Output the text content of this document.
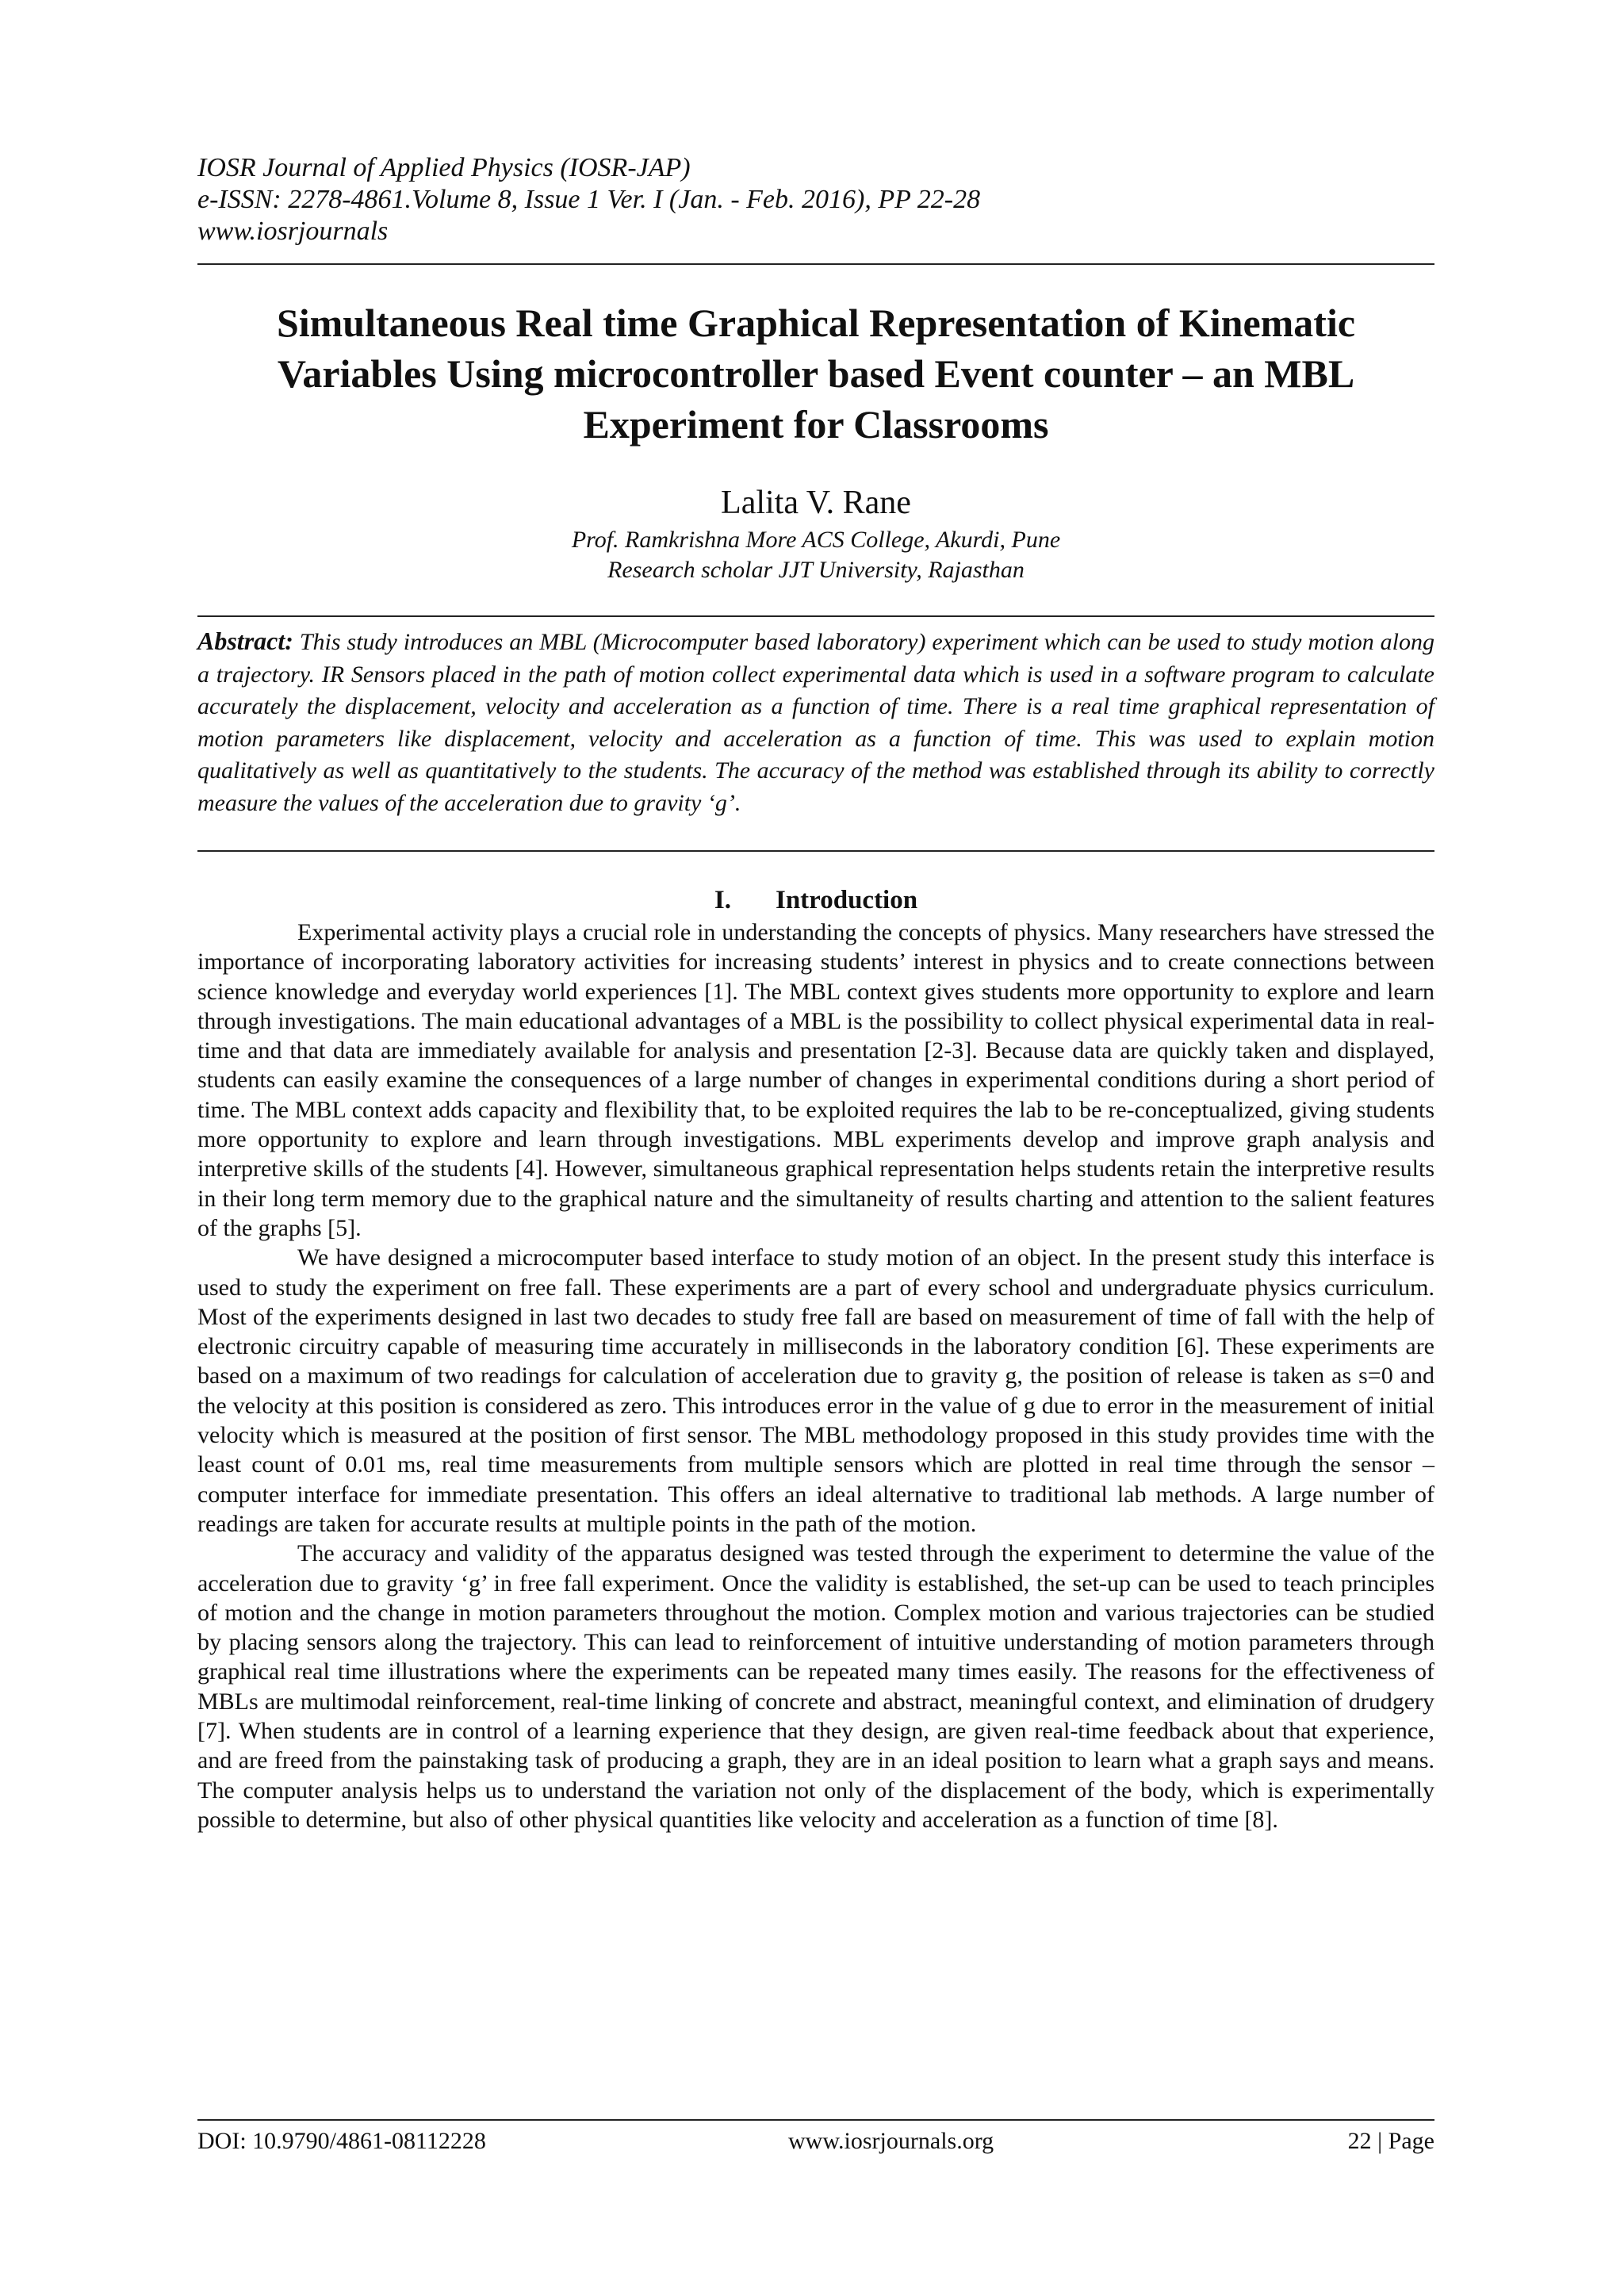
IOSR Journal of Applied Physics (IOSR-JAP)
e-ISSN: 2278-4861.Volume 8, Issue 1 Ver. I (Jan. - Feb. 2016), PP 22-28
www.iosrjournals
Simultaneous Real time Graphical Representation of Kinematic
Variables Using microcontroller based Event counter – an MBL
Experiment for Classrooms
Lalita V. Rane
Prof. Ramkrishna More ACS College, Akurdi, Pune
Research scholar JJT University, Rajasthan
Abstract: This study introduces an MBL (Microcomputer based laboratory) experiment which can be used to study motion along a trajectory. IR Sensors placed in the path of motion collect experimental data which is used in a software program to calculate accurately the displacement, velocity and acceleration as a function of time. There is a real time graphical representation of motion parameters like displacement, velocity and acceleration as a function of time. This was used to explain motion qualitatively as well as quantitatively to the students. The accuracy of the method was established through its ability to correctly measure the values of the acceleration due to gravity ‘g’.
I. Introduction

Experimental activity plays a crucial role in understanding the concepts of physics. Many researchers have stressed the importance of incorporating laboratory activities for increasing students’ interest in physics and to create connections between science knowledge and everyday world experiences [1]. The MBL context gives students more opportunity to explore and learn through investigations. The main educational advantages of a MBL is the possibility to collect physical experimental data in real-time and that data are immediately available for analysis and presentation [2-3]. Because data are quickly taken and displayed, students can easily examine the consequences of a large number of changes in experimental conditions during a short period of time. The MBL context adds capacity and flexibility that, to be exploited requires the lab to be re-conceptualized, giving students more opportunity to explore and learn through investigations. MBL experiments develop and improve graph analysis and interpretive skills of the students [4]. However, simultaneous graphical representation helps students retain the interpretive results in their long term memory due to the graphical nature and the simultaneity of results charting and attention to the salient features of the graphs [5].

We have designed a microcomputer based interface to study motion of an object. In the present study this interface is used to study the experiment on free fall. These experiments are a part of every school and undergraduate physics curriculum. Most of the experiments designed in last two decades to study free fall are based on measurement of time of fall with the help of electronic circuitry capable of measuring time accurately in milliseconds in the laboratory condition [6]. These experiments are based on a maximum of two readings for calculation of acceleration due to gravity g, the position of release is taken as s=0 and the velocity at this position is considered as zero. This introduces error in the value of g due to error in the measurement of initial velocity which is measured at the position of first sensor. The MBL methodology proposed in this study provides time with the least count of 0.01 ms, real time measurements from multiple sensors which are plotted in real time through the sensor – computer interface for immediate presentation. This offers an ideal alternative to traditional lab methods. A large number of readings are taken for accurate results at multiple points in the path of the motion.

The accuracy and validity of the apparatus designed was tested through the experiment to determine the value of the acceleration due to gravity ‘g’ in free fall experiment. Once the validity is established, the set-up can be used to teach principles of motion and the change in motion parameters throughout the motion. Complex motion and various trajectories can be studied by placing sensors along the trajectory. This can lead to reinforcement of intuitive understanding of motion parameters through graphical real time illustrations where the experiments can be repeated many times easily. The reasons for the effectiveness of MBLs are multimodal reinforcement, real-time linking of concrete and abstract, meaningful context, and elimination of drudgery [7]. When students are in control of a learning experience that they design, are given real-time feedback about that experience, and are freed from the painstaking task of producing a graph, they are in an ideal position to learn what a graph says and means. The computer analysis helps us to understand the variation not only of the displacement of the body, which is experimentally possible to determine, but also of other physical quantities like velocity and acceleration as a function of time [8].

DOI: 10.9790/4861-08112228	www.iosrjournals.org	22 | Page
